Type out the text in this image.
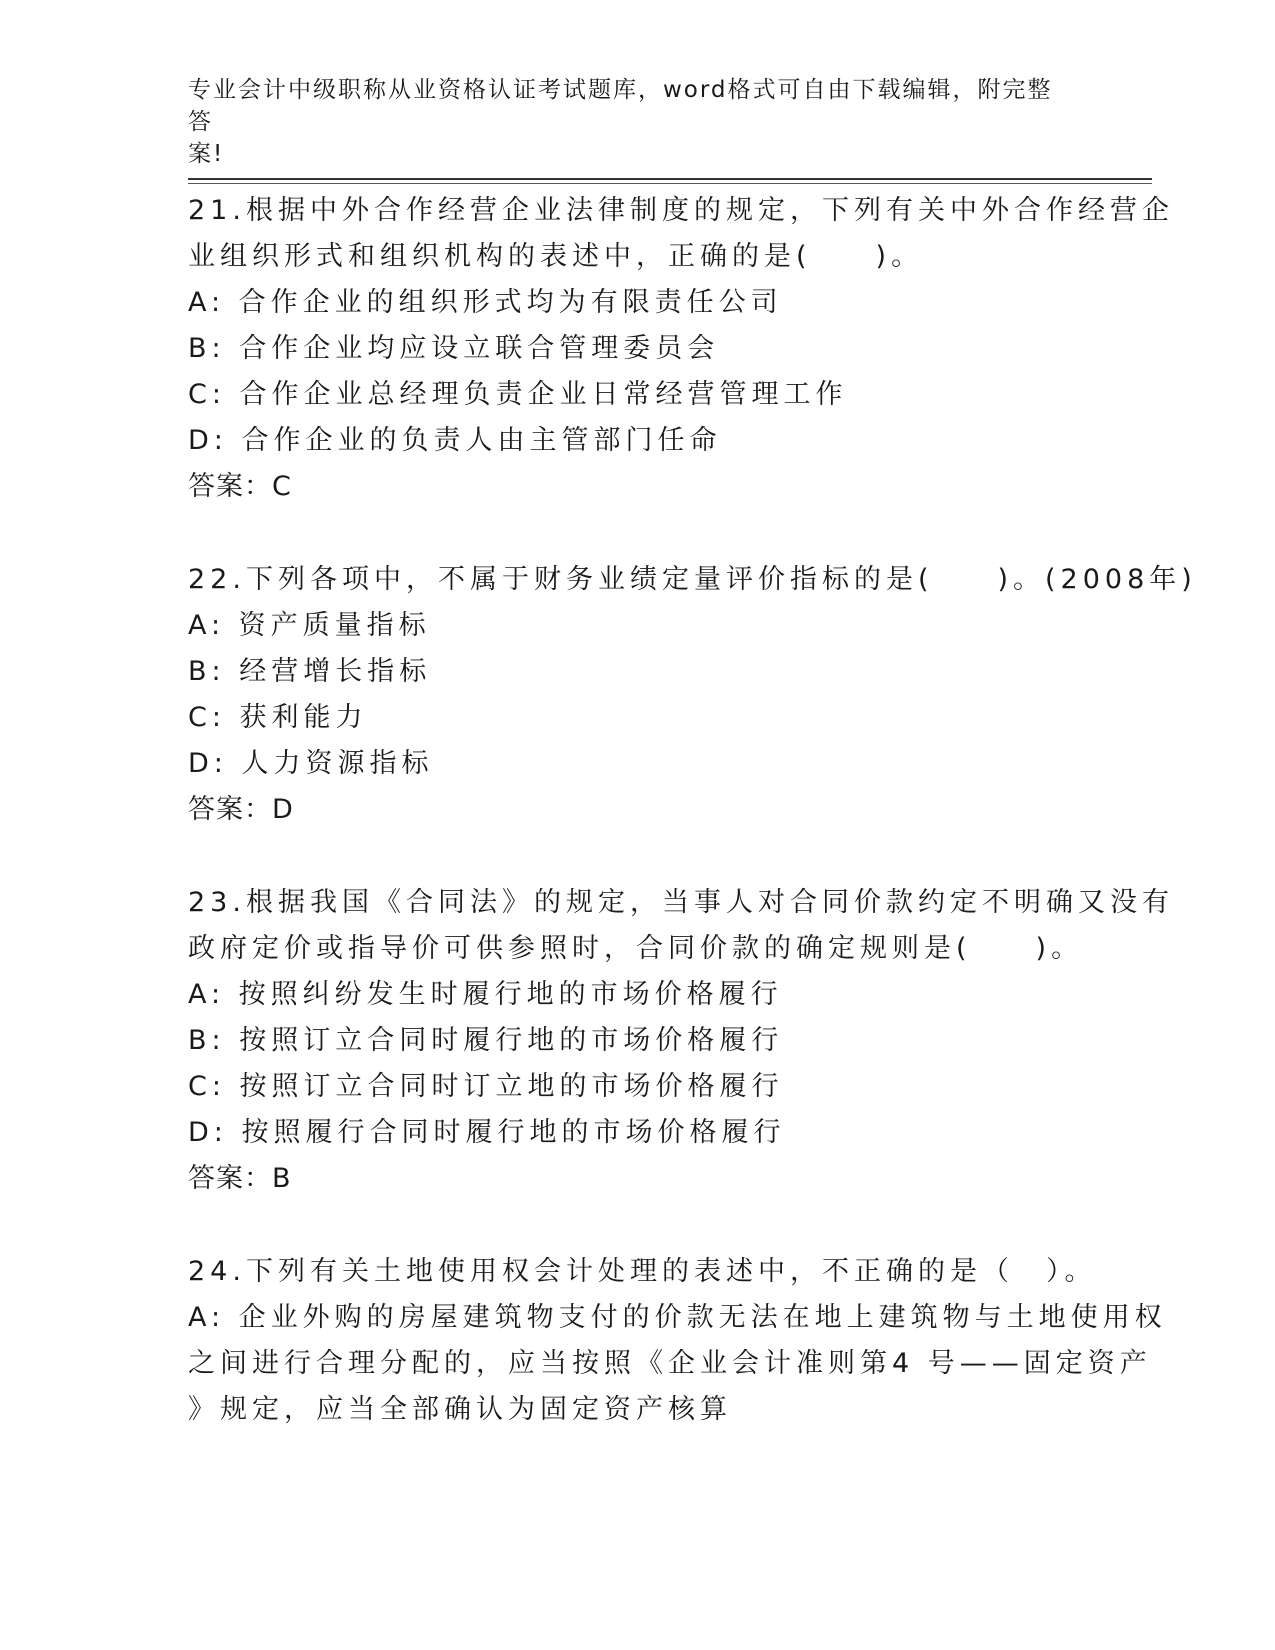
专业会计中级职称从业资格认证考试题库，word格式可自由下载编辑，附完整答
案!
21.根据中外合作经营企业法律制度的规定，下列有关中外合作经营企
业组织形式和组织机构的表述中，正确的是(　　)。
A: 合作企业的组织形式均为有限责任公司
B: 合作企业均应设立联合管理委员会
C: 合作企业总经理负责企业日常经营管理工作
D: 合作企业的负责人由主管部门任命
答案：C
22.下列各项中，不属于财务业绩定量评价指标的是(　　)。(2008年)
A: 资产质量指标
B: 经营增长指标
C: 获利能力
D: 人力资源指标
答案：D
23.根据我国《合同法》的规定，当事人对合同价款约定不明确又没有
政府定价或指导价可供参照时，合同价款的确定规则是(　　)。
A: 按照纠纷发生时履行地的市场价格履行
B: 按照订立合同时履行地的市场价格履行
C: 按照订立合同时订立地的市场价格履行
D: 按照履行合同时履行地的市场价格履行
答案：B
24.下列有关土地使用权会计处理的表述中，不正确的是（　）。
A: 企业外购的房屋建筑物支付的价款无法在地上建筑物与土地使用权
之间进行合理分配的，应当按照《企业会计准则第4 号——固定资产
》规定，应当全部确认为固定资产核算
